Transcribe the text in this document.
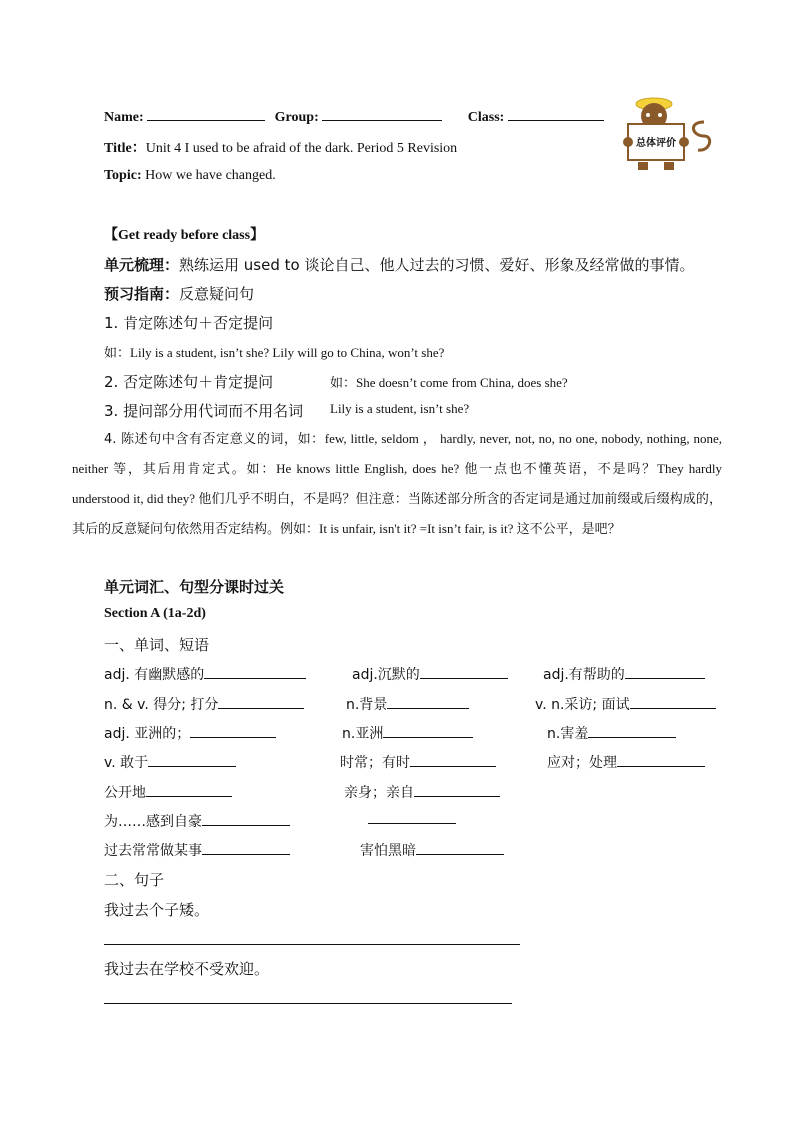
Name:	Group:	Class:
总体评价
Title：Unit 4 I used to be afraid of the dark. Period 5 Revision
Topic: How we have changed.
【Get ready before class】
单元梳理：熟练运用 used to 谈论自己、他人过去的习惯、爱好、形象及经常做的事情。
预习指南：反意疑问句
1. 肯定陈述句＋否定提问
如：Lily is a student, isn’t she? Lily will go to China, won’t she?
2. 否定陈述句＋肯定提问	如：She doesn’t come from China, does she?
3. 提问部分用代词而不用名词 Lily is a student, isn’t she?
4. 陈述句中含有否定意义的词，如：few, little, seldom ， hardly, never, not, no, no one, nobody, nothing, none, neither 等，其后用肯定式。如：He knows little English, does he? 他一点也不懂英语，不是吗？They hardly understood it, did they? 他们几乎不明白，不是吗？但注意：当陈述部分所含的否定词是通过加前缀或后缀构成的，其后的反意疑问句依然用否定结构。例如：It is unfair, isn't it? =It isn’t fair, is it? 这不公平，是吧？
单元词汇、句型分课时过关
Section A (1a-2d)
一、单词、短语
adj. 有幽默感的	adj.沉默的	adj.有帮助的
n. & v. 得分; 打分	n.背景	v. n.采访; 面试
adj. 亚洲的；	n.亚洲	n.害羞
v. 敢于	时常；有时	应对；处理
公开地	亲身；亲自
为……感到自豪
过去常常做某事	害怕黑暗
二、句子
我过去个子矮。
我过去在学校不受欢迎。
